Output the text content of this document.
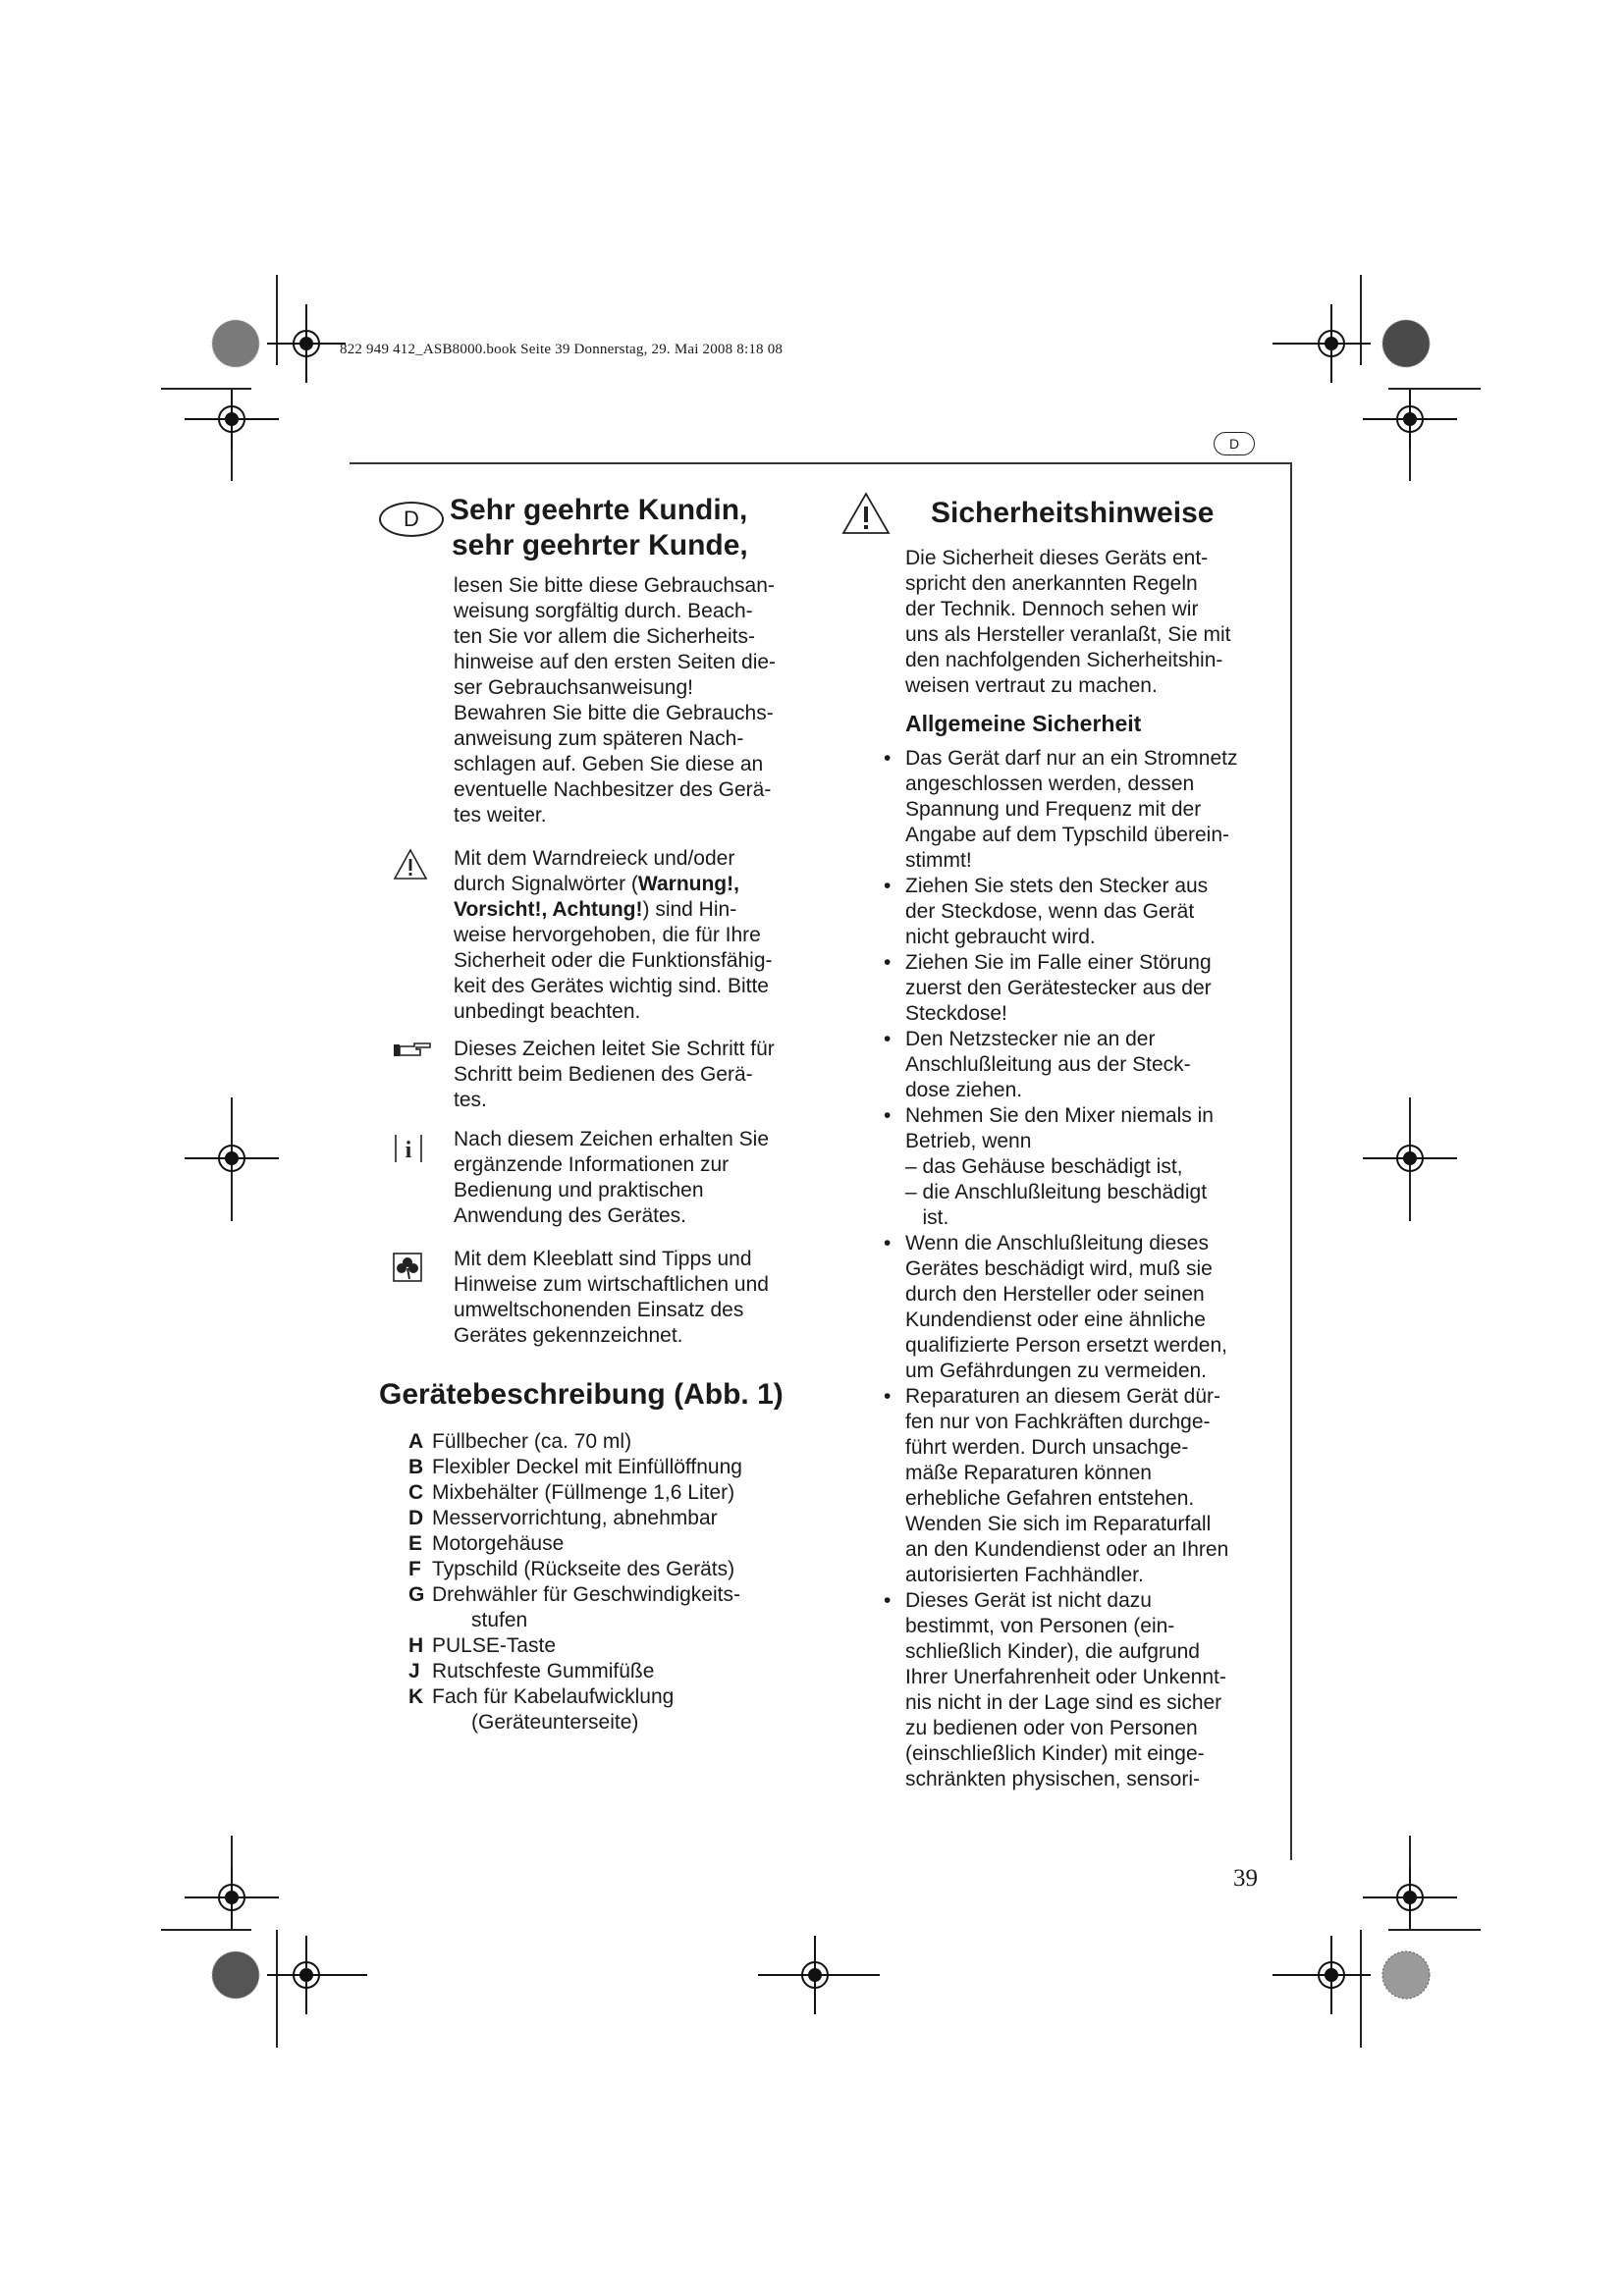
822 949 412_ASB8000.book Seite 39 Donnerstag, 29. Mai 2008 8:18 08
D
D	Sehr geehrte Kundin,
sehr geehrter Kunde,

lesen Sie bitte diese Gebrauchsan-

weisung sorgfältig durch. Beach-

ten Sie vor allem die Sicherheits-

hinweise auf den ersten Seiten die-

ser Gebrauchsanweisung!

Bewahren Sie bitte die Gebrauchs-

anweisung zum späteren Nach-

schlagen auf. Geben Sie diese an

eventuelle Nachbesitzer des Gerä-

tes weiter.

Mit dem Warndreieck und/oder
durch Signalwörter (Warnung!,
Vorsicht!, Achtung!) sind Hin-
weise hervorgehoben, die für Ihre
Sicherheit oder die Funktionsfähig-
keit des Gerätes wichtig sind. Bitte
unbedingt beachten.
Dieses Zeichen leitet Sie Schritt für
Schritt beim Bedienen des Gerä-
tes.
i Nach diesem Zeichen erhalten Sie
ergänzende Informationen zur
Bedienung und praktischen
Anwendung des Gerätes.
Mit dem Kleeblatt sind Tipps und
Hinweise zum wirtschaftlichen und
umweltschonenden Einsatz des
Gerätes gekennzeichnet.
Gerätebeschreibung (Abb. 1)
A Füllbecher (ca. 70 ml)
B Flexibler Deckel mit Einfüllöffnung
C Mixbehälter (Füllmenge 1,6 Liter)
D Messervorrichtung, abnehmbar
E Motorgehäuse
F Typschild (Rückseite des Geräts)
G Drehwähler für Geschwindigkeits-
stufen
H PULSE-Taste
J Rutschfeste Gummifüße
K Fach für Kabelaufwicklung
(Geräteunterseite)
Sicherheitshinweise
Die Sicherheit dieses Geräts ent-
spricht den anerkannten Regeln
der Technik. Dennoch sehen wir
uns als Hersteller veranlaßt, Sie mit
den nachfolgenden Sicherheitshin-
weisen vertraut zu machen.
Allgemeine Sicherheit
• Das Gerät darf nur an ein Stromnetz
angeschlossen werden, dessen
Spannung und Frequenz mit der
Angabe auf dem Typschild überein-
stimmt!
• Ziehen Sie stets den Stecker aus
der Steckdose, wenn das Gerät
nicht gebraucht wird.
• Ziehen Sie im Falle einer Störung
zuerst den Gerätestecker aus der
Steckdose!
• Den Netzstecker nie an der
Anschlußleitung aus der Steck-
dose ziehen.
• Nehmen Sie den Mixer niemals in
Betrieb, wenn
– das Gehäuse beschädigt ist,
– die Anschlußleitung beschädigt
ist.
• Wenn die Anschlußleitung dieses
Gerätes beschädigt wird, muß sie
durch den Hersteller oder seinen
Kundendienst oder eine ähnliche
qualifizierte Person ersetzt werden,
um Gefährdungen zu vermeiden.
• Reparaturen an diesem Gerät dür-
fen nur von Fachkräften durchge-
führt werden. Durch unsachge-
mäße Reparaturen können
erhebliche Gefahren entstehen.
Wenden Sie sich im Reparaturfall
an den Kundendienst oder an Ihren
autorisierten Fachhändler.
• Dieses Gerät ist nicht dazu
bestimmt, von Personen (ein-
schließlich Kinder), die aufgrund
Ihrer Unerfahrenheit oder Unkennt-
nis nicht in der Lage sind es sicher
zu bedienen oder von Personen
(einschließlich Kinder) mit einge-
schränkten physischen, sensori-
39
